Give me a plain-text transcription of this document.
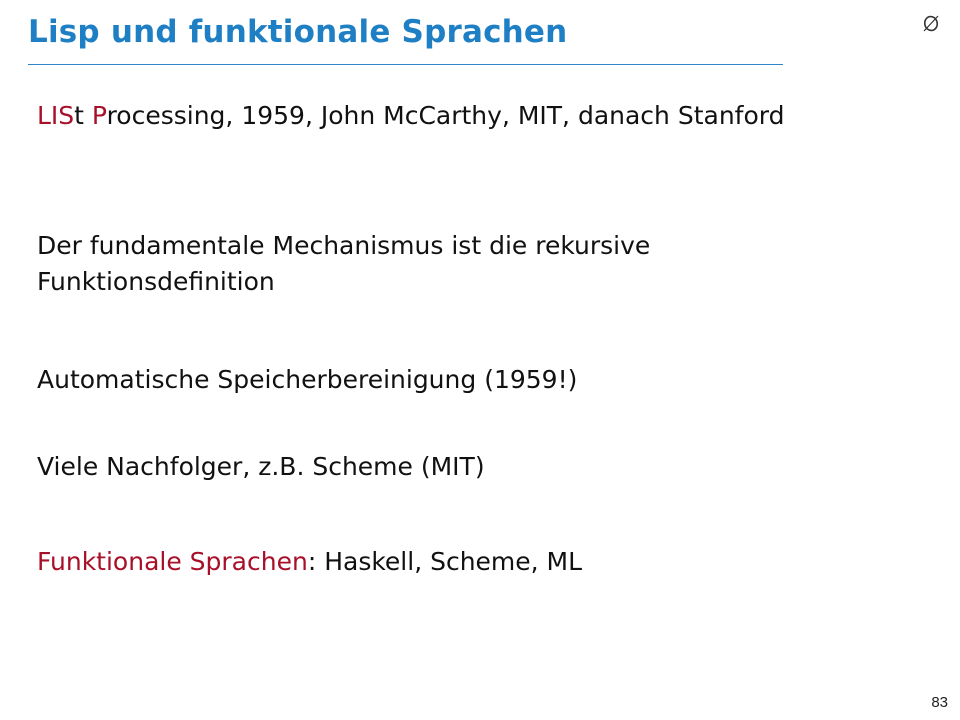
Lisp und funktionale Sprachen

LISt Processing, 1959, John McCarthy, MIT, danach Stanford

Der fundamentale Mechanismus ist die rekursive Funktionsdefinition

Automatische Speicherbereinigung (1959!)

Viele Nachfolger, z.B. Scheme (MIT)

Funktionale Sprachen: Haskell, Scheme, ML

83
